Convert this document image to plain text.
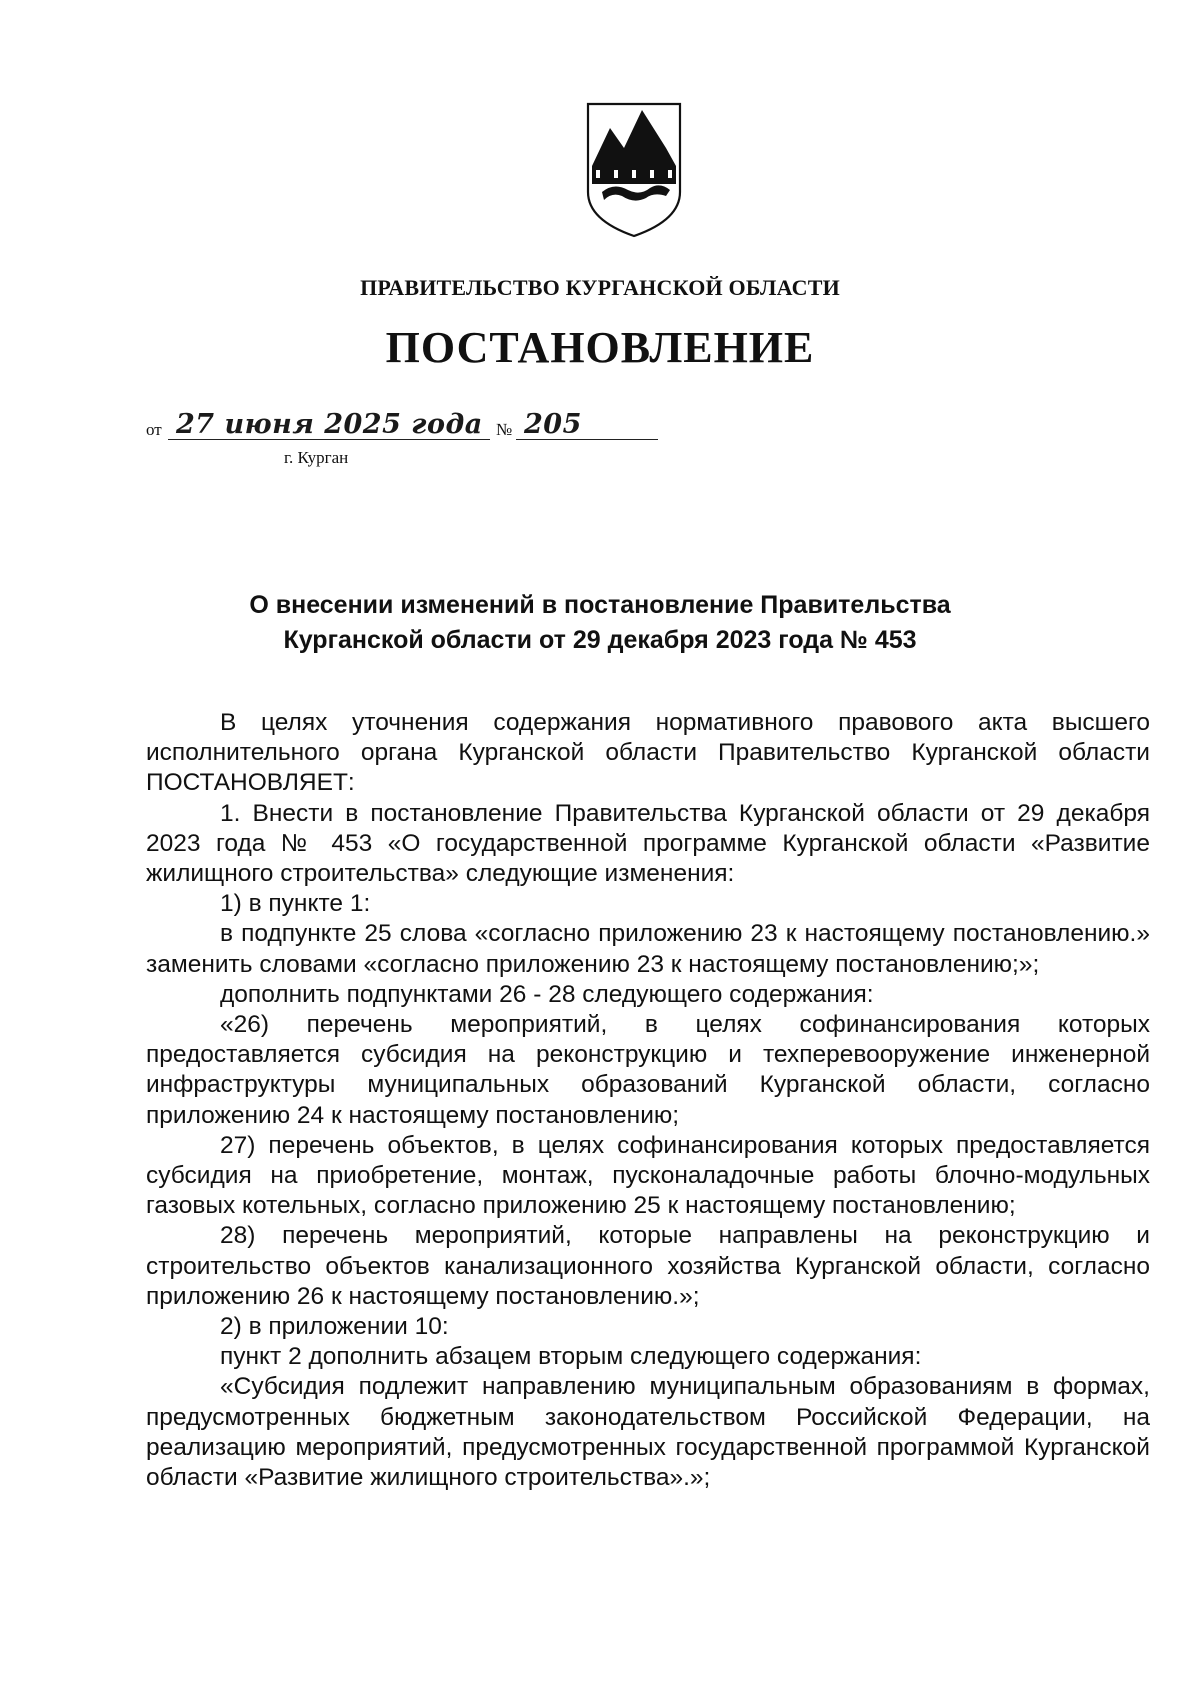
ПРАВИТЕЛЬСТВО КУРГАНСКОЙ ОБЛАСТИ
ПОСТАНОВЛЕНИЕ
от 27 июня 2025 года № 205
г. Курган
О внесении изменений в постановление Правительства
Курганской области от 29 декабря 2023 года № 453

В целях уточнения содержания нормативного правового акта высшего исполнительного органа Курганской области Правительство Курганской области ПОСТАНОВЛЯЕТ:

1. Внести в постановление Правительства Курганской области от 29 декабря 2023 года № 453 «О государственной программе Курганской области «Развитие жилищного строительства» следующие изменения:

1) в пункте 1:

в подпункте 25 слова «согласно приложению 23 к настоящему постановлению.» заменить словами «согласно приложению 23 к настоящему постановлению;»;

дополнить подпунктами 26 - 28 следующего содержания:

«26) перечень мероприятий, в целях софинансирования которых предоставляется субсидия на реконструкцию и техперевооружение инженерной инфраструктуры муниципальных образований Курганской области, согласно приложению 24 к настоящему постановлению;

27) перечень объектов, в целях софинансирования которых предоставляется субсидия на приобретение, монтаж, пусконаладочные работы блочно-модульных газовых котельных, согласно приложению 25 к настоящему постановлению;

28) перечень мероприятий, которые направлены на реконструкцию и строительство объектов канализационного хозяйства Курганской области, согласно приложению 26 к настоящему постановлению.»;

2) в приложении 10:

пункт 2 дополнить абзацем вторым следующего содержания:

«Субсидия подлежит направлению муниципальным образованиям в формах, предусмотренных бюджетным законодательством Российской Федерации, на реализацию мероприятий, предусмотренных государственной программой Курганской области «Развитие жилищного строительства».»;
